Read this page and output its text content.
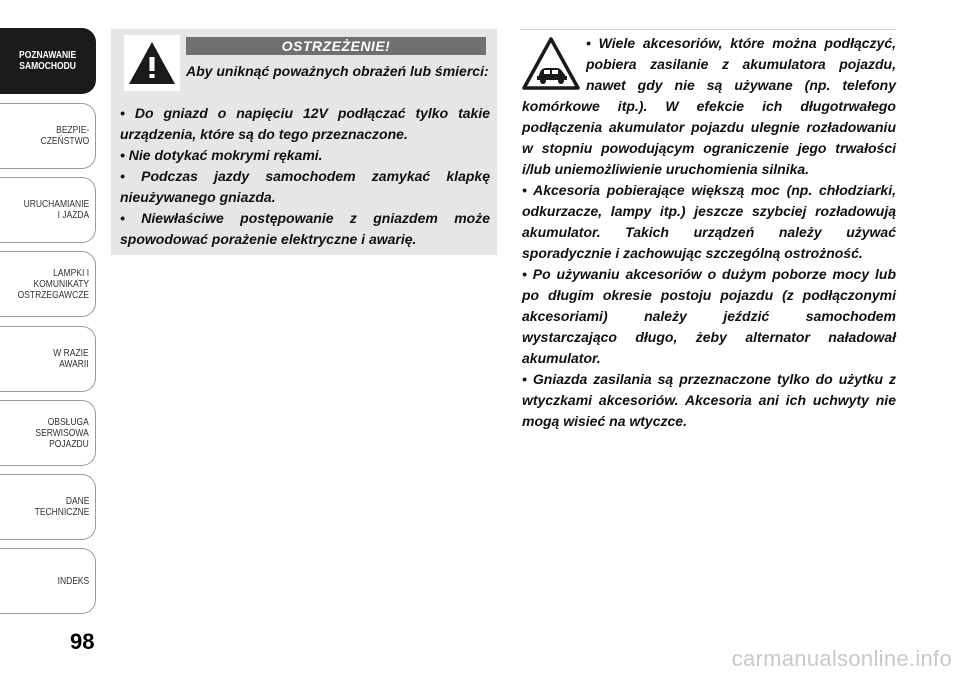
POZNAWANIE
SAMOCHODU
BEZPIE-
CZEŃSTWO
URUCHAMIANIE
I JAZDA
LAMPKI I
KOMUNIKATY
OSTRZEGAWCZE
W RAZIE
AWARII
OBSŁUGA
SERWISOWA
POJAZDU
DANE
TECHNICZNE
INDEKS
98
OSTRZEŻENIE!
Aby uniknąć poważnych obrażeń lub śmierci:

• Do gniazd o napięciu 12V podłączać tylko takie urządzenia, które są do tego przeznaczone.

• Nie dotykać mokrymi rękami.

• Podczas jazdy samochodem zamykać klapkę nieużywanego gniazda.

• Niewłaściwe postępowanie z gniazdem może spowodować porażenie elektryczne i awarię.

• Wiele akcesoriów, które można podłączyć, pobiera zasilanie z akumulatora pojazdu, nawet gdy nie są używane (np. telefony komórkowe itp.). W efekcie ich długotrwałego podłączenia akumulator pojazdu ulegnie rozładowaniu w stopniu powodującym ograniczenie jego trwałości i/lub uniemożliwienie uruchomienia silnika.

• Akcesoria pobierające większą moc (np. chłodziarki, odkurzacze, lampy itp.) jeszcze szybciej rozładowują akumulator. Takich urządzeń należy używać sporadycznie i zachowując szczególną ostrożność.

• Po używaniu akcesoriów o dużym poborze mocy lub po długim okresie postoju pojazdu (z podłączonymi akcesoriami) należy jeździć samochodem wystarczająco długo, żeby alternator naładował akumulator.

• Gniazda zasilania są przeznaczone tylko do użytku z wtyczkami akcesoriów. Akcesoria ani ich uchwyty nie mogą wisieć na wtyczce.

carmanualsonline.info
